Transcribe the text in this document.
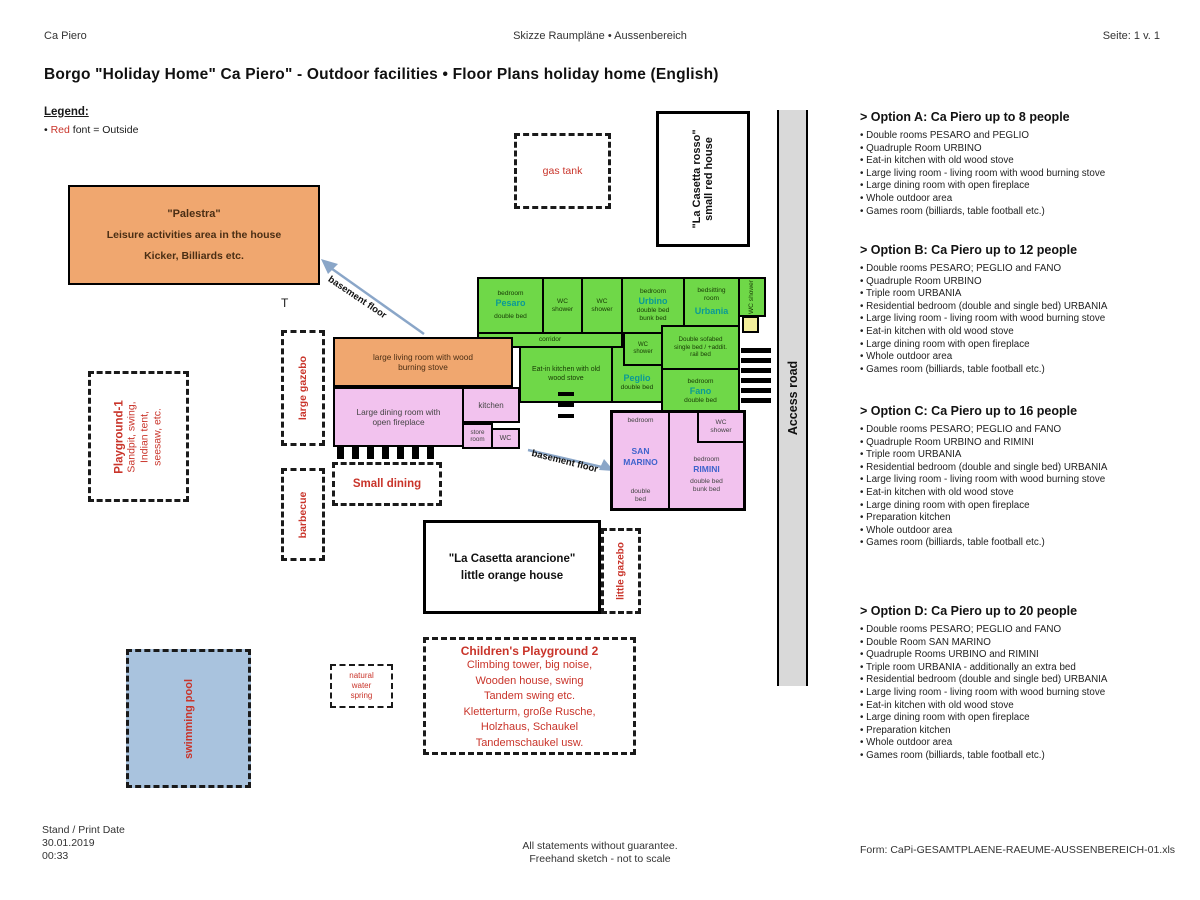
Ca Piero	Skizze Raumpläne • Aussenbereich	Seite: 1 v. 1
Borgo "Holiday Home" Ca Piero" - Outdoor facilities • Floor Plans holiday home (English)
Legend:
• Red font = Outside
Access road
"Palestra"
Leisure activities area in the house
Kicker, Billiards etc.
gas tank	"La Casetta rosso" small red house
bedroom
Pesaro
double bed
WC shower
WC shower
bedroom
Urbino
double bed
bunk bed
bedsitting room
Urbania	WC shower
corridor
Eat-in kitchen with old wood stove	Peglio
double bed
WC shower
Double sofabed single bed / +addit. rail bed
bedroom
Fano
double bed
large living room with wood burning stove
Large dining room with open fireplace
kitchen
store room	WC
large gazebo
barbecue
Small dining
T	basement floor
basement floor
bedroom
SAN MARINO
double bed
WC shower
bedroom
RIMINI
double bed
bunk bed
"La Casetta arancione"
little orange house	little gazebo
Children's Playground 2
Climbing tower, big noise,
Wooden house, swing
Tandem swing etc.
Kletterturm, große Rusche,
Holzhaus, Schaukel
Tandemschaukel usw.
Playground-1 Sandpit, swing, Indian tent, seesaw, etc.
swimming pool
natural
water
spring
> Option A: Ca Piero up to 8 people
• Double rooms PESARO and PEGLIO
• Quadruple Room URBINO
• Eat-in kitchen with old wood stove
• Large living room - living room with wood burning stove
• Large dining room with open fireplace
• Whole outdoor area
• Games room (billiards, table football etc.)
> Option B: Ca Piero up to 12 people
• Double rooms PESARO; PEGLIO and FANO
• Quadruple Room URBINO
• Triple room URBANIA
• Residential bedroom (double and single bed) URBANIA
• Large living room - living room with wood burning stove
• Eat-in kitchen with old wood stove
• Large dining room with open fireplace
• Whole outdoor area
• Games room (billiards, table football etc.)
> Option C: Ca Piero up to 16 people
• Double rooms PESARO; PEGLIO and FANO
• Quadruple Room URBINO and RIMINI
• Triple room URBANIA
• Residential bedroom (double and single bed) URBANIA
• Large living room - living room with wood burning stove
• Eat-in kitchen with old wood stove
• Large dining room with open fireplace
• Preparation kitchen
• Whole outdoor area
• Games room (billiards, table football etc.)
> Option D: Ca Piero up to 20 people
• Double rooms PESARO; PEGLIO and FANO
• Double Room SAN MARINO
• Quadruple Rooms URBINO and RIMINI
• Triple room URBANIA - additionally an extra bed
• Residential bedroom (double and single bed) URBANIA
• Large living room - living room with wood burning stove
• Eat-in kitchen with old wood stove
• Large dining room with open fireplace
• Preparation kitchen
• Whole outdoor area
• Games room (billiards, table football etc.)
Stand / Print Date
30.01.2019
00:33
All statements without guarantee.
Freehand sketch - not to scale
Form: CaPi-GESAMTPLAENE-RAEUME-AUSSENBEREICH-01.xls
